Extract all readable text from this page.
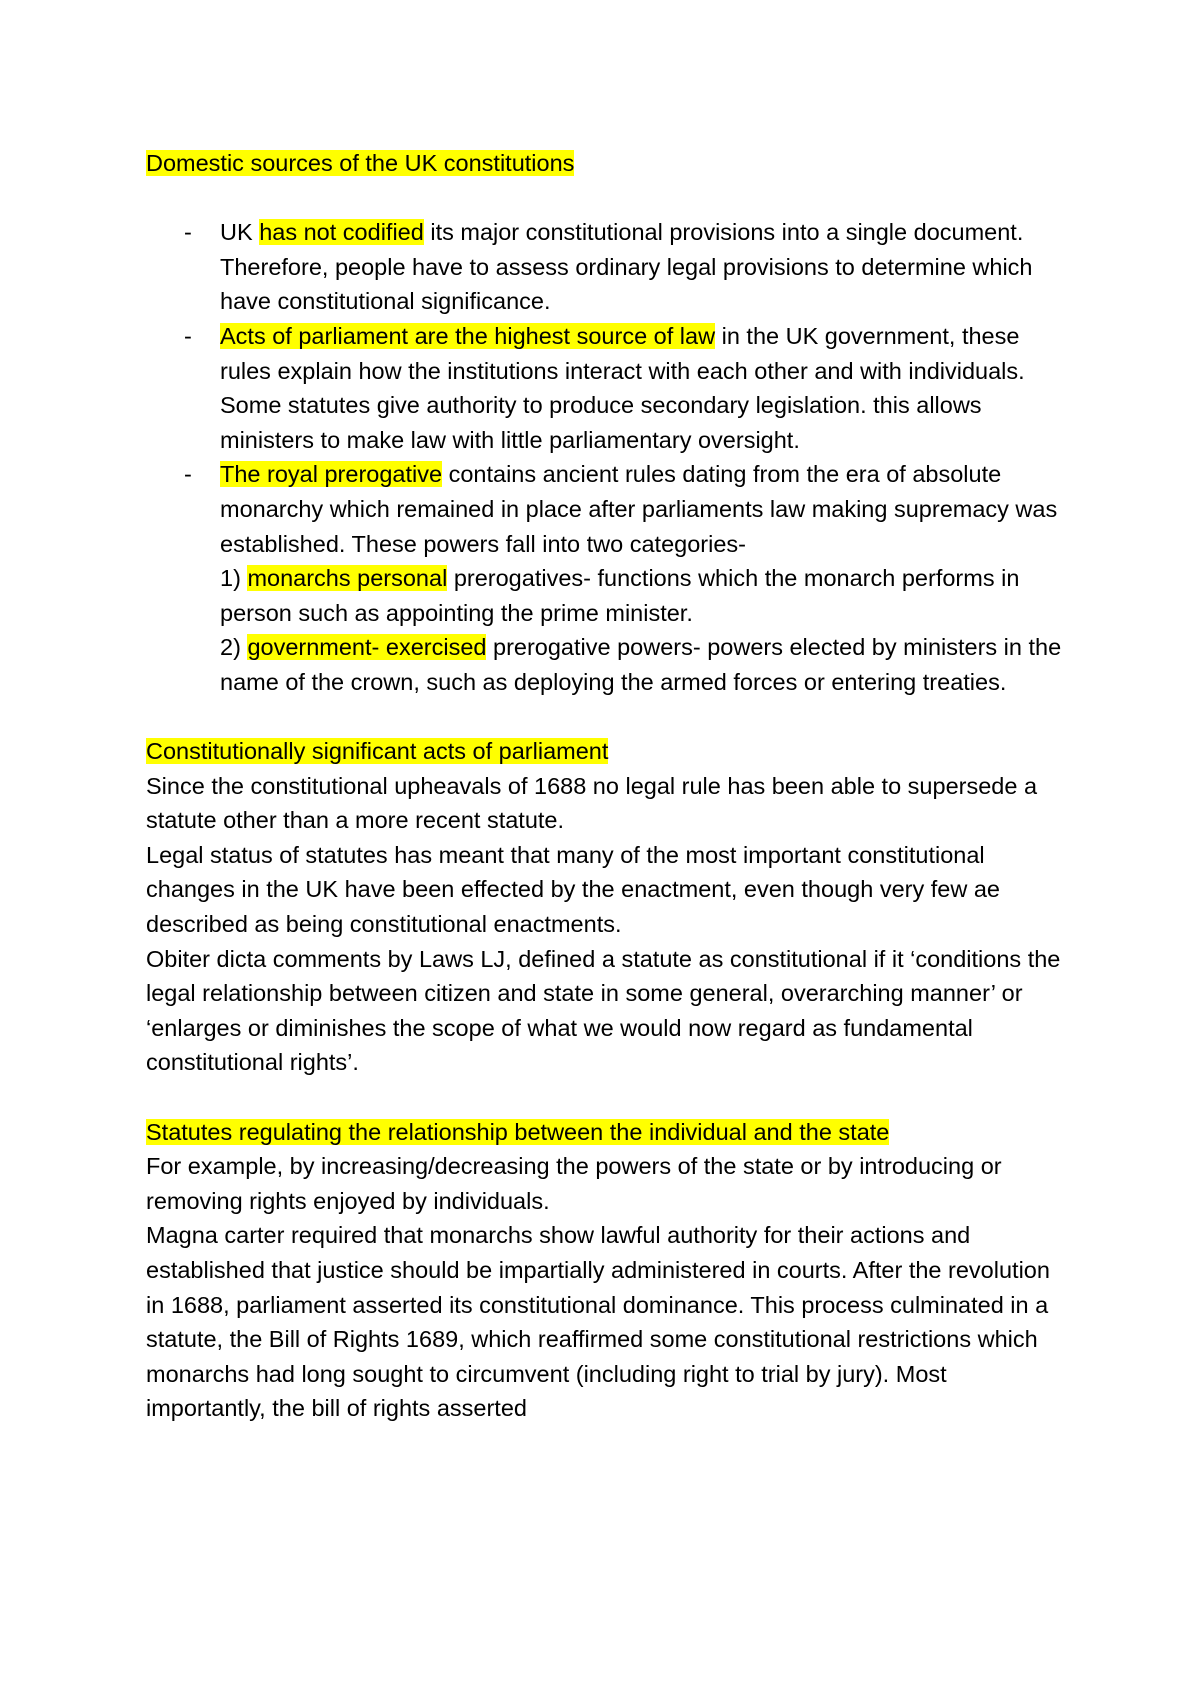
Domestic sources of the UK constitutions

- UK has not codified its major constitutional provisions into a single document. Therefore, people have to assess ordinary legal provisions to determine which have constitutional significance.
- Acts of parliament are the highest source of law in the UK government, these rules explain how the institutions interact with each other and with individuals. Some statutes give authority to produce secondary legislation. this allows ministers to make law with little parliamentary oversight.
- The royal prerogative contains ancient rules dating from the era of absolute monarchy which remained in place after parliaments law making supremacy was established. These powers fall into two categories-
1) monarchs personal prerogatives- functions which the monarch performs in person such as appointing the prime minister.
2) government- exercised prerogative powers- powers elected by ministers in the name of the crown, such as deploying the armed forces or entering treaties.

Constitutionally significant acts of parliament

Since the constitutional upheavals of 1688 no legal rule has been able to supersede a statute other than a more recent statute.

Legal status of statutes has meant that many of the most important constitutional changes in the UK have been effected by the enactment, even though very few ae described as being constitutional enactments.

Obiter dicta comments by Laws LJ, defined a statute as constitutional if it ‘conditions the legal relationship between citizen and state in some general, overarching manner’ or ‘enlarges or diminishes the scope of what we would now regard as fundamental constitutional rights’.

Statutes regulating the relationship between the individual and the state

For example, by increasing/decreasing the powers of the state or by introducing or removing rights enjoyed by individuals.

Magna carter required that monarchs show lawful authority for their actions and established that justice should be impartially administered in courts. After the revolution in 1688, parliament asserted its constitutional dominance. This process culminated in a statute, the Bill of Rights 1689, which reaffirmed some constitutional restrictions which monarchs had long sought to circumvent (including right to trial by jury). Most importantly, the bill of rights asserted
